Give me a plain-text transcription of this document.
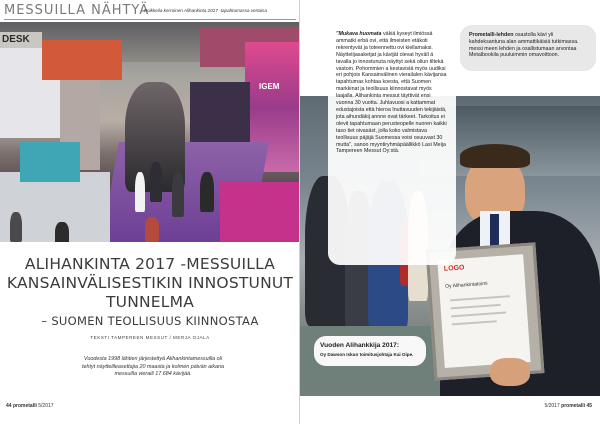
MESSUILLA NÄHTYÄ
Poikkeila kerroinen Alihankinta 2017 -tapahtumassa vertaisa
DESK
IGEM
ALIHANKINTA 2017 -MESSUILLA KANSAINVÄLISESTIKIN INNOSTUNUT TUNNELMA
– SUOMEN TEOLLISUUS KIINNOSTAA
TEKSTI TAMPEREEN MESSUT / MERJA OJALA
Vuodesta 1998 lähtien järjestettyä Alihankintamessuilla oli tehtyt näytteilleasettajia 20 maasta ja kolmen päivän aikana messuilla vieraili 17 684 kävijää.
44 prometalli 5/2017
LOGO
Oy Alihankintatoimi

"Mukava huomata väkiä kyseyt ilmiössä ammatki erbä ovi, että ilmeisten etäkoti rekrentyvät ja toteennettu ovi kiellamaksi. Näyttelijasaketjat ja kävijät olevat hyväll ä tavalla jo innostunuta näyttyt sekä oliun tiltekä vastoin. Pohommien a kestavistä myös uudiksi eri pohjois Kansainvälinen vierailalen kävijansa tapahtumas kohtaa koesta, että Suomen markkinat ja teollisuus kiinnostavat myös laajalla. Alihankinta messut täyttivät ensi vuonna 30 vuotta. Juhlavuosi a kattammat edustajoista että hieroa Inuttavuuden tekijäistä, jota aihundäkij annne ovat tärkeet. Tarkoitus ei olevit tapahtumaan perusteopelle nuoren kaikki taso tiet oivasäst, jolla koko valmistava teollisuus päjäjä Suomessa voisi osuuvast 30 mutta", sanoo myyntiryhmäpäällikkö Lasi Meija Tampereen Messut Oy:stä.

Prometalli-lehden osastolla kävi yli kahdeksantuna alan ammattikäisiä tutkimassa. messi meen lehden ja osallistumaan arvontaa Metalbookila puuluimmin omavoittoon.

Vuoden Alihankkija 2017:
Oy Dawson Iskun toimitusjohtaja Kai Oipe.
5/2017 prometalli 45
